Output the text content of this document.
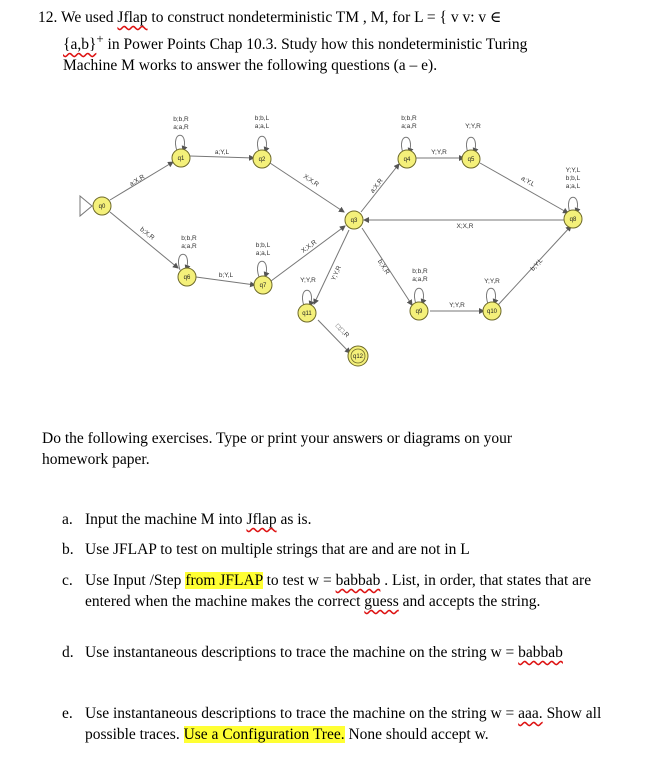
12. We used Jflap to construct nondeterministic TM , M, for L = { v v: v ∈
{a,b}+ in Power Points Chap 10.3. Study how this nondeterministic Turing
Machine M works to answer the following questions (a – e).
q0
q1	q2
q3
q4	q5
q6
q7
q8
q9	q10
q11
q12
a;X,R
b;X,R
b;b,R
a;a,R
a;Y,L
b;b,L
a;a,L
X;X,R
b;b,R
a;a,R
b;Y,L
b;b,L
a;a,L	X;X,R
a;X,R
b;b,R
a;a,R
Y;Y,R
Y;Y,R
a;Y,L
Y;Y,L
b;b,L
a;a,L
X;X,R
b;X,R	b;b,R
a;a,R
Y;Y,R
Y;Y,R
b;Y,L
Y;Y,R
Y;Y,R
□;□,R
Do the following exercises. Type or print your answers or diagrams on your
homework paper.
a. Input the machine M into Jflap as is.
b. Use JFLAP to test on multiple strings that are and are not in L
c. Use Input /Step from JFLAP to test w = babbab . List, in order, that states that are entered when the machine makes the correct guess and accepts the string.
d. Use instantaneous descriptions to trace the machine on the string w = babbab
e. Use instantaneous descriptions to trace the machine on the string w = aaa. Show all possible traces. Use a Configuration Tree. None should accept w.
